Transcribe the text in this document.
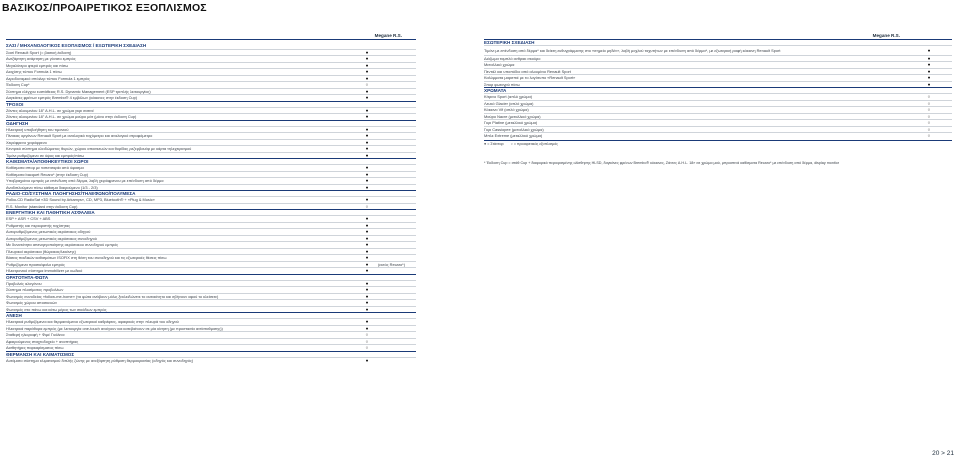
ΒΑΣΙΚΟΣ/ΠΡΟΑΙΡΕΤΙΚΟΣ ΕΞΟΠΛΙΣΜΟΣ
Megane R.S.
ΣΑΣΙ / ΜΗΧΑΝΟΛΟΓΙΚΟΣ ΕΞΟΠΛΙΣΜΟΣ / ΕΞΩΤΕΡΙΚΗ ΣΧΕΔΙΑΣΗ
Σασί Renault Sport (= βασική έκδοση)	●
Ανεξάρτητη ανάρτηση με γόνατο εμπρός	●
Μεγαλύτερο φτερό εμπρός και πίσω	●
Διαχύτης τύπου Formula 1 πίσω	●
Αεροδυναμικό σπόιλερ τύπου Formula 1 εμπρός	●
Έκδοση Cup*	○
Σύστημα ελέγχου ευστάθειας R.S. Dynamic Management (ESP τριπλής λειτουργίας)	●
Δαγκάνες φρένων εμπρός Brembo® 4 εμβόλων (κόκκινες στην έκδοση Cup)	●
ΤΡΟΧΟΙ
Ζάντες αλουμινίου 18" Α.Η.L. σε χρώμα γκρι σατινέ	●
Ζάντες αλουμινίου 18" Α.Η.L. σε χρώμα μαύρο μάτ (μόνο στην έκδοση Cup)	●
ΟΔΗΓΗΣΗ
Ηλεκτρική υποβοήθηση του τιμονιού	●
Πίνακας οργάνων Renault Sport με αναλογικό ταχύμετρο και αναλογικό στροφόμετρο	●
Χειρόφρενο χειρόφρενο	●
Κεντρικό σύστημα κλειδώματος θυρών, χώρου αποσκευών και θυρίδας ρεζερβουάρ με κάρτα τηλεχειρισμού	●
Τιμόνι ρυθμιζόμενο σε ύψος και εμπρός/πίσω	●
ΚΑΘΙΣΜΑΤΑ/ΑΠΟΘΗΚΕΥΤΙΚΟΙ ΧΩΡΟΙ
Καθίσματα σπορ με ταπετσαρία από ύφασμα	●
Καθίσματα bacquet Recaro* (στην έκδοση Cup)	●
Υποβραχιόνιο εμπρός με επένδυση από δέρμα, λαβή χειρόφρενου με επένδυση από δέρμα	●
Αναδιπλούμενο πίσω κάθισμα διαιρούμενο (1/3 - 2/3)	●
ΡΑΔΙΟ-CD/ΣΥΣΤΗΜΑ ΠΛΟΗΓΗΣΗΣ/ΤΗΛΕΦΩΝΟ/ΠΟΛΥΜΕΣΑ
Ραδιο-CD RadioSat «3D Sound by Arkamys», CD, MP3, Bluetooth® + «Plug & Music»	●
R.S. Monitor (standard στην έκδοση Cup)	○
ΕΝΕΡΓΗΤΙΚΗ ΚΑΙ ΠΑΘΗΤΙΚΗ ΑΣΦΑΛΕΙΑ
ESP + ASR + CSV + ABS	●
Ρυθμιστής και περιοριστής ταχύτητας	●
Αυτορυθμιζόμενος μετωπικός αερόσακος οδηγού	●
Αυτορυθμιζόμενος μετωπικός αερόσακος συνοδηγού	●
Με δυνατότητα απενεργοποίησης αερόσακου συνοδηγού εμπρός	●
Πλευρικοί αερόσακοι (θώρακας/λεκάνης)	●
Βάσεις παιδικών καθισμάτων ISOFIX στη θέση του συνοδηγού και τις εξωτερικές θέσεις πίσω	●
Ρυθμιζόμενα προσκέφαλα εμπρός	●	(εκτός Recaro*)
Ηλεκτρονικό σύστημα immobilizer με κωδικό	●
ΟΡΑΤΟΤΗΤΑ-ΦΩΤΑ
Προβολείς αλογόνου	●
Σύστημα πλυσίματος προβολέων	●
Φωτισμός συνοδείας «follow-me-home» (τα φώτα ανάβουν μόλις ξεκλειδώνετε το αυτοκίνητο και σβήνουν αφού το κλείσετε)	●
Φωτισμός χώρου αποσκευών	●
Φωτισμός στο πάνω και κάτω μέρος των σκιάδιων εμπρός	●
ΑΝΕΣΗ
Ηλεκτρικά ρυθμιζόμενοι και θερμαινόμενοι εξωτερικοί καθρέφτες, αφαιρικός στην πλευρά του οδηγού	●
Ηλεκτρικά παράθυρα εμπρός (με λειτουργία one-touch ανοίγουν και κατεβαίνουν σε μία κίνηση (με προστασία αντίσταθμισης))	●
Σταθερή ηλιοροφή + Φιμέ Γυάλινα	○
Αφαιρούμενος σταχτοδοχείο + αναπτήρας	○
Αισθητήρες παρκαρίσματος πίσω	○
ΘΕΡΜΑΝΣΗ ΚΑΙ ΚΛΙΜΑΤΙΣΜΟΣ
Αυτόματο σύστημα κλιματισμού διπλής ζώνης με ανεξάρτητη ρύθμιση θερμοκρασίας (οδηγός και συνοδηγός)	●
Megane R.S.
ΕΣΩΤΕΡΙΚΗ ΣΧΕΔΙΑΣΗ
Τιμόνι με επένδυση από δέρμα* και δείκτη ευθυγράμμισης στο «σημείο μηδέν», λαβή μοχλού ταχυτήτων με επένδυση από δέρμα*, με εξωτερική ραφή κόκκινη Renault Sport	●
Διάζωμα ταμπλό ανθρακ σκούρο	●
Μεταλλικό χρώμα	●
Πεντάλ και υποπόδιο από αλουμίνιο Renault Sport	●
Καλύμματα μαρσπιέ με το λογότυπο «Renault Sport»	●
Σπορ φωτογρύ πίσω	●
ΧΡΩΜΑΤΑ
Κίτρινο Sport (απλό χρώμα)	○
Λευκό Glacier (απλό χρώμα)	○
Κόκκινο Vif (απλό χρώμα)	○
Μαύρο Nacre (μεταλλικό χρώμα)	○
Γκρι Platine (μεταλλικό χρώμα)	○
Γκρι Cassiopee (μεταλλικό χρώμα)	○
Μπλε Extreme (μεταλλικό χρώμα)	○
● = Στάνταρ ○ = προαιρετικός εξοπλισμός
* Έκδοση Cup = στάθ Cup + διαφορικό περιορισμένης ολίσθησης HLSD, δαγκάνες φρένων Brembo® κόκκινες, Ζάντες A.H.L. 18» σε χρώμα μαύ, μπροστινά καθίσματα Recaro* με επένδυση από δέρμα, display monitor
20 > 21
